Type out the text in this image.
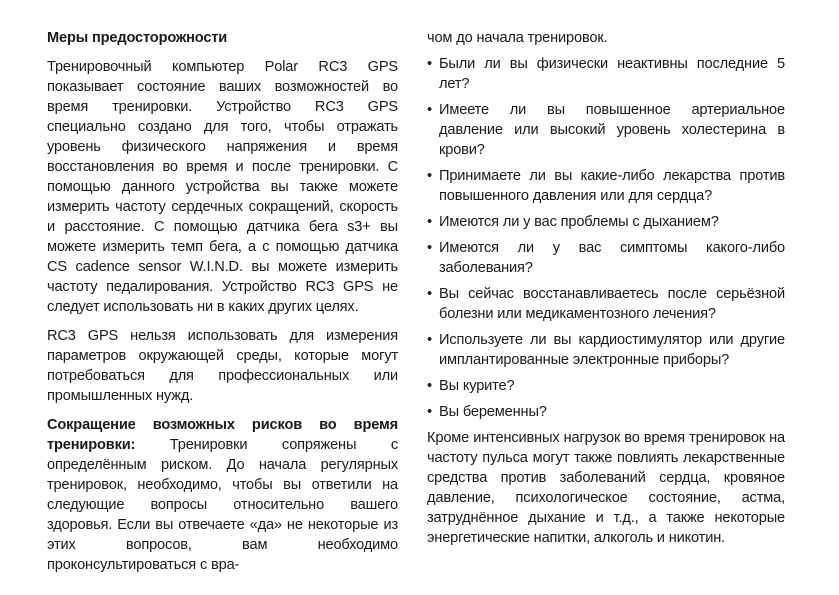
Меры предосторожности
Тренировочный компьютер Polar RC3 GPS показывает состояние ваших возможностей во время тренировки. Устройство RC3 GPS специально создано для того, чтобы отражать уровень физического напряжения и время восстановления во время и после тренировки. С помощью данного устройства вы также можете измерить частоту сердечных сокращений, скорость и расстояние. С помощью датчика бега s3+ вы можете измерить темп бега, а с помощью датчика CS cadence sensor W.I.N.D. вы можете измерить частоту педалирования. Устройство RC3 GPS не следует использовать ни в каких других целях.
RC3 GPS нельзя использовать для измерения параметров окружающей среды, которые могут потребоваться для профессиональных или промышленных нужд.
Сокращение возможных рисков во время тренировки: Тренировки сопряжены с определённым риском. До начала регулярных тренировок, необходимо, чтобы вы ответили на следующие вопросы относительно вашего здоровья. Если вы отвечаете «да» не некоторые из этих вопросов, вам необходимо проконсультироваться с вра-
чом до начала тренировок.
• Были ли вы физически неактивны последние 5 лет?
• Имеете ли вы повышенное артериальное давление или высокий уровень холестерина в крови?
• Принимаете ли вы какие-либо лекарства против повышенного давления или для сердца?
• Имеются ли у вас проблемы с дыханием?
• Имеются ли у вас симптомы какого-либо заболевания?
• Вы сейчас восстанавливаетесь после серьёзной болезни или медикаментозного лечения?
• Используете ли вы кардиостимулятор или другие имплантированные электронные приборы?
• Вы курите?
• Вы беременны?
Кроме интенсивных нагрузок во время тренировок на частоту пульса могут также повлиять лекарственные средства против заболеваний сердца, кровяное давление, психологическое состояние, астма, затруднённое дыхание и т.д., а также некоторые энергетические напитки, алкоголь и никотин.
